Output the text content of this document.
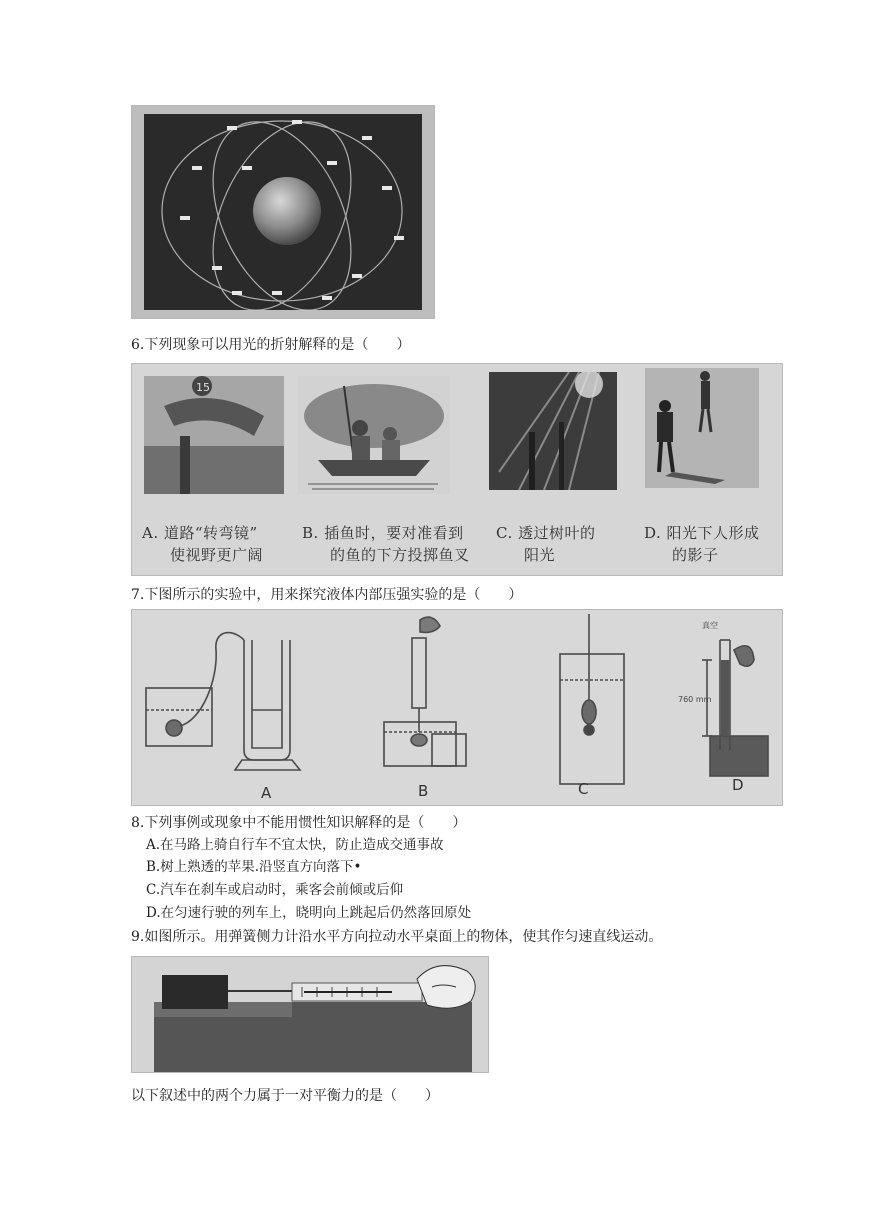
6.下列现象可以用光的折射解释的是（　　）
15
A. 道路“转弯镜”
使视野更广阔
B. 插鱼时，要对准看到
的鱼的下方投掷鱼叉
C. 透过树叶的
阳光
D. 阳光下人形成
的影子
7.下图所示的实验中，用来探究液体内部压强实验的是（　　）
真空
760 mm
A	B	C	D
8.下列事例或现象中不能用惯性知识解释的是（　　）
A.在马路上骑自行车不宜太快，防止造成交通事故
B.树上熟透的苹果.沿竖直方向落下•
C.汽车在刹车或启动时，乘客会前倾或后仰
D.在匀速行驶的列车上，晓明向上跳起后仍然落回原处
9.如图所示。用弹簧侧力计沿水平方向拉动水平桌面上的物体，使其作匀速直线运动。
以下叙述中的两个力属于一对平衡力的是（　　）
